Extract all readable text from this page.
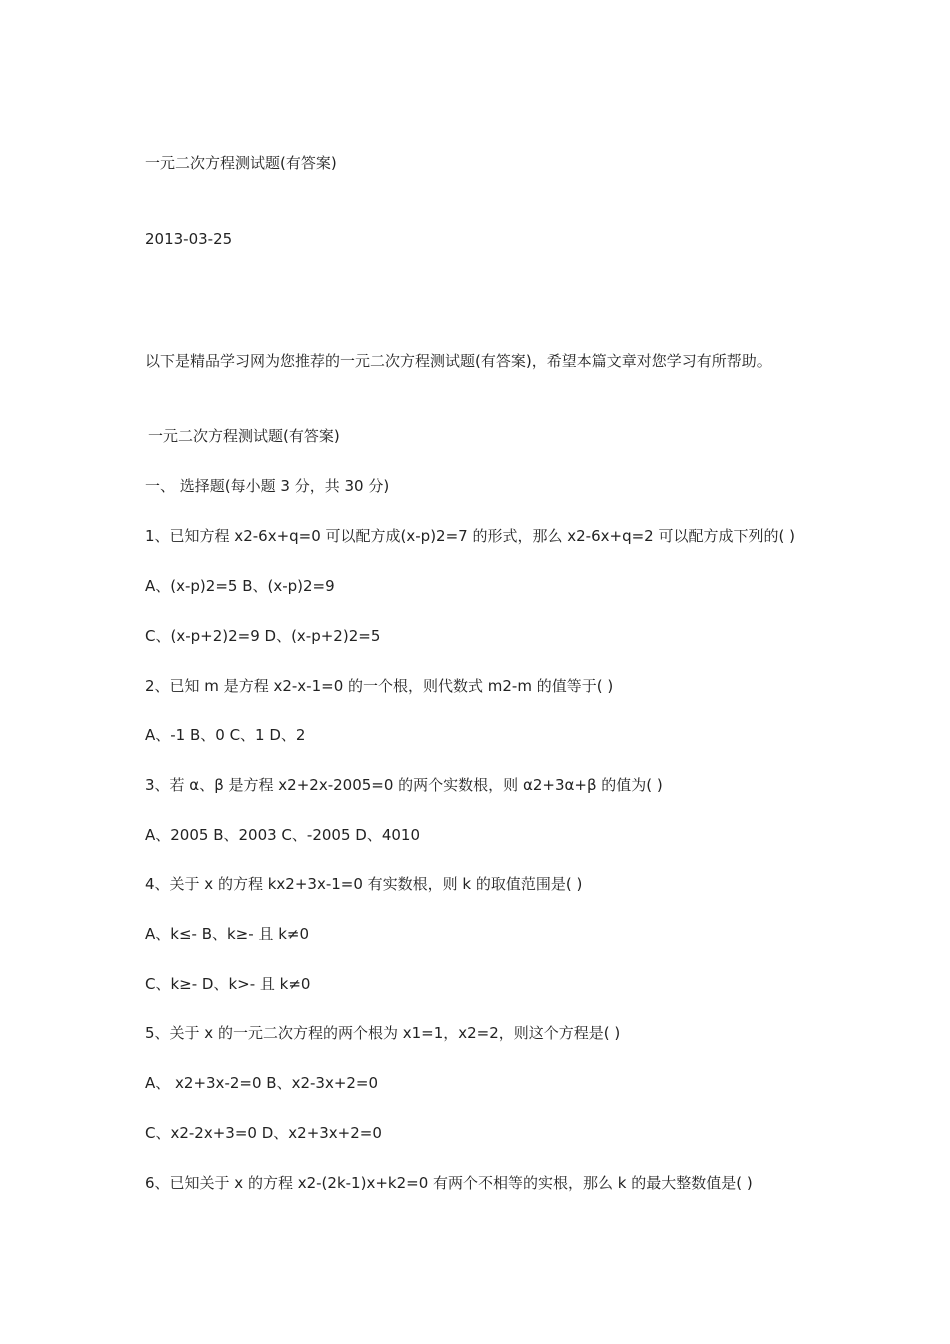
一元二次方程测试题(有答案)
2013-03-25
以下是精品学习网为您推荐的一元二次方程测试题(有答案)，希望本篇文章对您学习有所帮助。
一元二次方程测试题(有答案)
一、 选择题(每小题 3 分，共 30 分)
1、已知方程 x2-6x+q=0 可以配方成(x-p)2=7 的形式，那么 x2-6x+q=2 可以配方成下列的( )
A、(x-p)2=5 B、(x-p)2=9
C、(x-p+2)2=9 D、(x-p+2)2=5
2、已知 m 是方程 x2-x-1=0 的一个根，则代数式 m2-m 的值等于( )
A、-1 B、0 C、1 D、2
3、若 α、β 是方程 x2+2x-2005=0 的两个实数根，则 α2+3α+β 的值为( )
A、2005 B、2003 C、-2005 D、4010
4、关于 x 的方程 kx2+3x-1=0 有实数根，则 k 的取值范围是( )
A、k≤- B、k≥- 且 k≠0
C、k≥- D、k>- 且 k≠0
5、关于 x 的一元二次方程的两个根为 x1=1，x2=2，则这个方程是( )
A、 x2+3x-2=0 B、x2-3x+2=0
C、x2-2x+3=0 D、x2+3x+2=0
6、已知关于 x 的方程 x2-(2k-1)x+k2=0 有两个不相等的实根，那么 k 的最大整数值是( )
